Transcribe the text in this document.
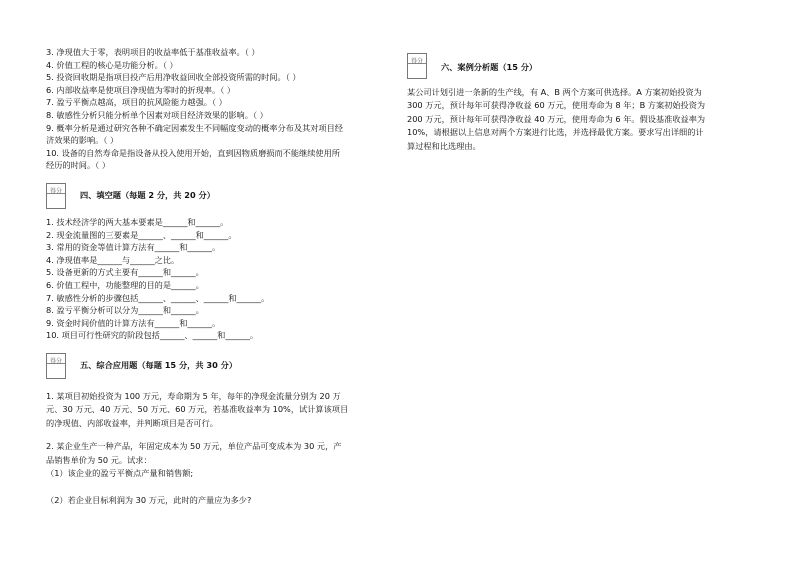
3. 净现值大于零，表明项目的收益率低于基准收益率。（ ）
4. 价值工程的核心是功能分析。（ ）
5. 投资回收期是指项目投产后用净收益回收全部投资所需的时间。（ ）
6. 内部收益率是使项目净现值为零时的折现率。（ ）
7. 盈亏平衡点越高，项目的抗风险能力越强。（ ）
8. 敏感性分析只能分析单个因素对项目经济效果的影响。（ ）
9. 概率分析是通过研究各种不确定因素发生不同幅度变动的概率分布及其对项目经
济效果的影响。（ ）
10. 设备的自然寿命是指设备从投入使用开始，直到因物质磨损而不能继续使用所
经历的时间。（ ）
得分	四、填空题（每题 2 分，共 20 分）
1. 技术经济学的两大基本要素是______和______。
2. 现金流量图的三要素是______、______和______。
3. 常用的资金等值计算方法有______和______。
4. 净现值率是______与______之比。
5. 设备更新的方式主要有______和______。
6. 价值工程中，功能整理的目的是______。
7. 敏感性分析的步骤包括______、______、______和______。
8. 盈亏平衡分析可以分为______和______。
9. 资金时间价值的计算方法有______和______。
10. 项目可行性研究的阶段包括______、______和______。
得分	五、综合应用题（每题 15 分，共 30 分）
1. 某项目初始投资为 100 万元，寿命期为 5 年，每年的净现金流量分别为 20 万
元、30 万元、40 万元、50 万元、60 万元，若基准收益率为 10%，试计算该项目
的净现值、内部收益率，并判断项目是否可行。
2. 某企业生产一种产品，年固定成本为 50 万元，单位产品可变成本为 30 元，产
品销售单价为 50 元。试求：
（1）该企业的盈亏平衡点产量和销售额;
（2）若企业目标利润为 30 万元，此时的产量应为多少?
得分	六、案例分析题（15 分）
某公司计划引进一条新的生产线，有 A、B 两个方案可供选择。A 方案初始投资为
300 万元，预计每年可获得净收益 60 万元，使用寿命为 8 年；B 方案初始投资为
200 万元，预计每年可获得净收益 40 万元，使用寿命为 6 年。假设基准收益率为
10%，请根据以上信息对两个方案进行比选，并选择最优方案。要求写出详细的计
算过程和比选理由。
